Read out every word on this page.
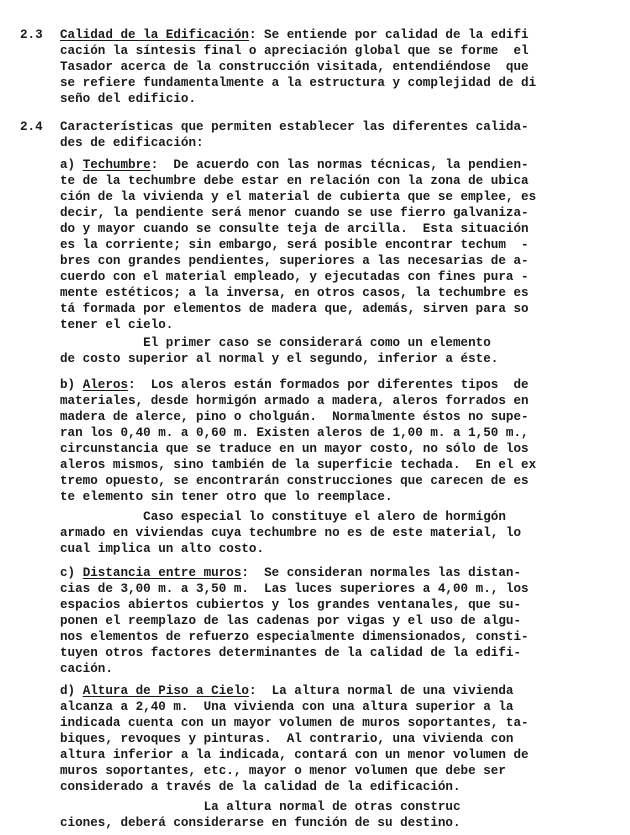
2.3 Calidad de la Edificación: Se entiende por calidad de la edifi
cación la síntesis final o apreciación global que se forme  el
Tasador acerca de la construcción visitada, entendiéndose  que
se refiere fundamentalmente a la estructura y complejidad de di
seño del edificio.
2.4 Características que permiten establecer las diferentes calida-
des de edificación:
a) Techumbre:  De acuerdo con las normas técnicas, la pendien-
te de la techumbre debe estar en relación con la zona de ubica
ción de la vivienda y el material de cubierta que se emplee, es
decir, la pendiente será menor cuando se use fierro galvaniza-
do y mayor cuando se consulte teja de arcilla.  Esta situación
es la corriente; sin embargo, será posible encontrar techum  -
bres con grandes pendientes, superiores a las necesarias de a-
cuerdo con el material empleado, y ejecutadas con fines pura -
mente estéticos; a la inversa, en otros casos, la techumbre es
tá formada por elementos de madera que, además, sirven para so
tener el cielo.
El primer caso se considerará como un elemento
de costo superior al normal y el segundo, inferior a éste.
b) Aleros:  Los aleros están formados por diferentes tipos  de
materiales, desde hormigón armado a madera, aleros forrados en
madera de alerce, pino o cholguán.  Normalmente éstos no supe-
ran los 0,40 m. a 0,60 m. Existen aleros de 1,00 m. a 1,50 m.,
circunstancia que se traduce en un mayor costo, no sólo de los
aleros mismos, sino también de la superficie techada.  En el ex
tremo opuesto, se encontrarán construcciones que carecen de es
te elemento sin tener otro que lo reemplace.
Caso especial lo constituye el alero de hormigón
armado en viviendas cuya techumbre no es de este material, lo
cual implica un alto costo.
c) Distancia entre muros:  Se consideran normales las distan-
cias de 3,00 m. a 3,50 m.  Las luces superiores a 4,00 m., los
espacios abiertos cubiertos y los grandes ventanales, que su-
ponen el reemplazo de las cadenas por vigas y el uso de algu-
nos elementos de refuerzo especialmente dimensionados, consti-
tuyen otros factores determinantes de la calidad de la edifi-
cación.
d) Altura de Piso a Cielo:  La altura normal de una vivienda
alcanza a 2,40 m.  Una vivienda con una altura superior a la
indicada cuenta con un mayor volumen de muros soportantes, ta-
biques, revoques y pinturas.  Al contrario, una vivienda con
altura inferior a la indicada, contará con un menor volumen de
muros soportantes, etc., mayor o menor volumen que debe ser
considerado a través de la calidad de la edificación.
La altura normal de otras construc
ciones, deberá considerarse en función de su destino.
